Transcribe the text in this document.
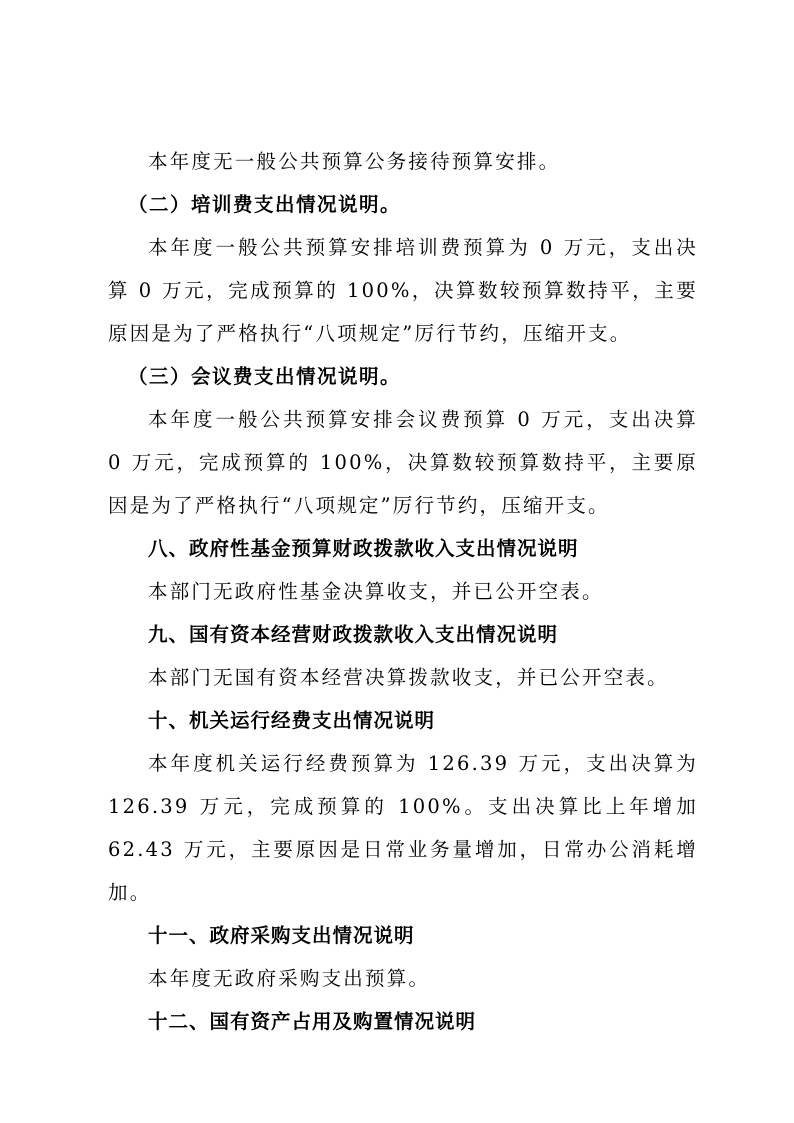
本年度无一般公共预算公务接待预算安排。

（二）培训费支出情况说明。

本年度一般公共预算安排培训费预算为 0 万元，支出决算 0 万元，完成预算的 100%，决算数较预算数持平，主要原因是为了严格执行“八项规定”厉行节约，压缩开支。

（三）会议费支出情况说明。

本年度一般公共预算安排会议费预算 0 万元，支出决算 0 万元，完成预算的 100%，决算数较预算数持平，主要原因是为了严格执行“八项规定”厉行节约，压缩开支。

八、政府性基金预算财政拨款收入支出情况说明

本部门无政府性基金决算收支，并已公开空表。

九、国有资本经营财政拨款收入支出情况说明

本部门无国有资本经营决算拨款收支，并已公开空表。

十、机关运行经费支出情况说明

本年度机关运行经费预算为 126.39 万元，支出决算为 126.39 万元，完成预算的 100%。支出决算比上年增加 62.43 万元，主要原因是日常业务量增加，日常办公消耗增加。

十一、政府采购支出情况说明

本年度无政府采购支出预算。

十二、国有资产占用及购置情况说明
